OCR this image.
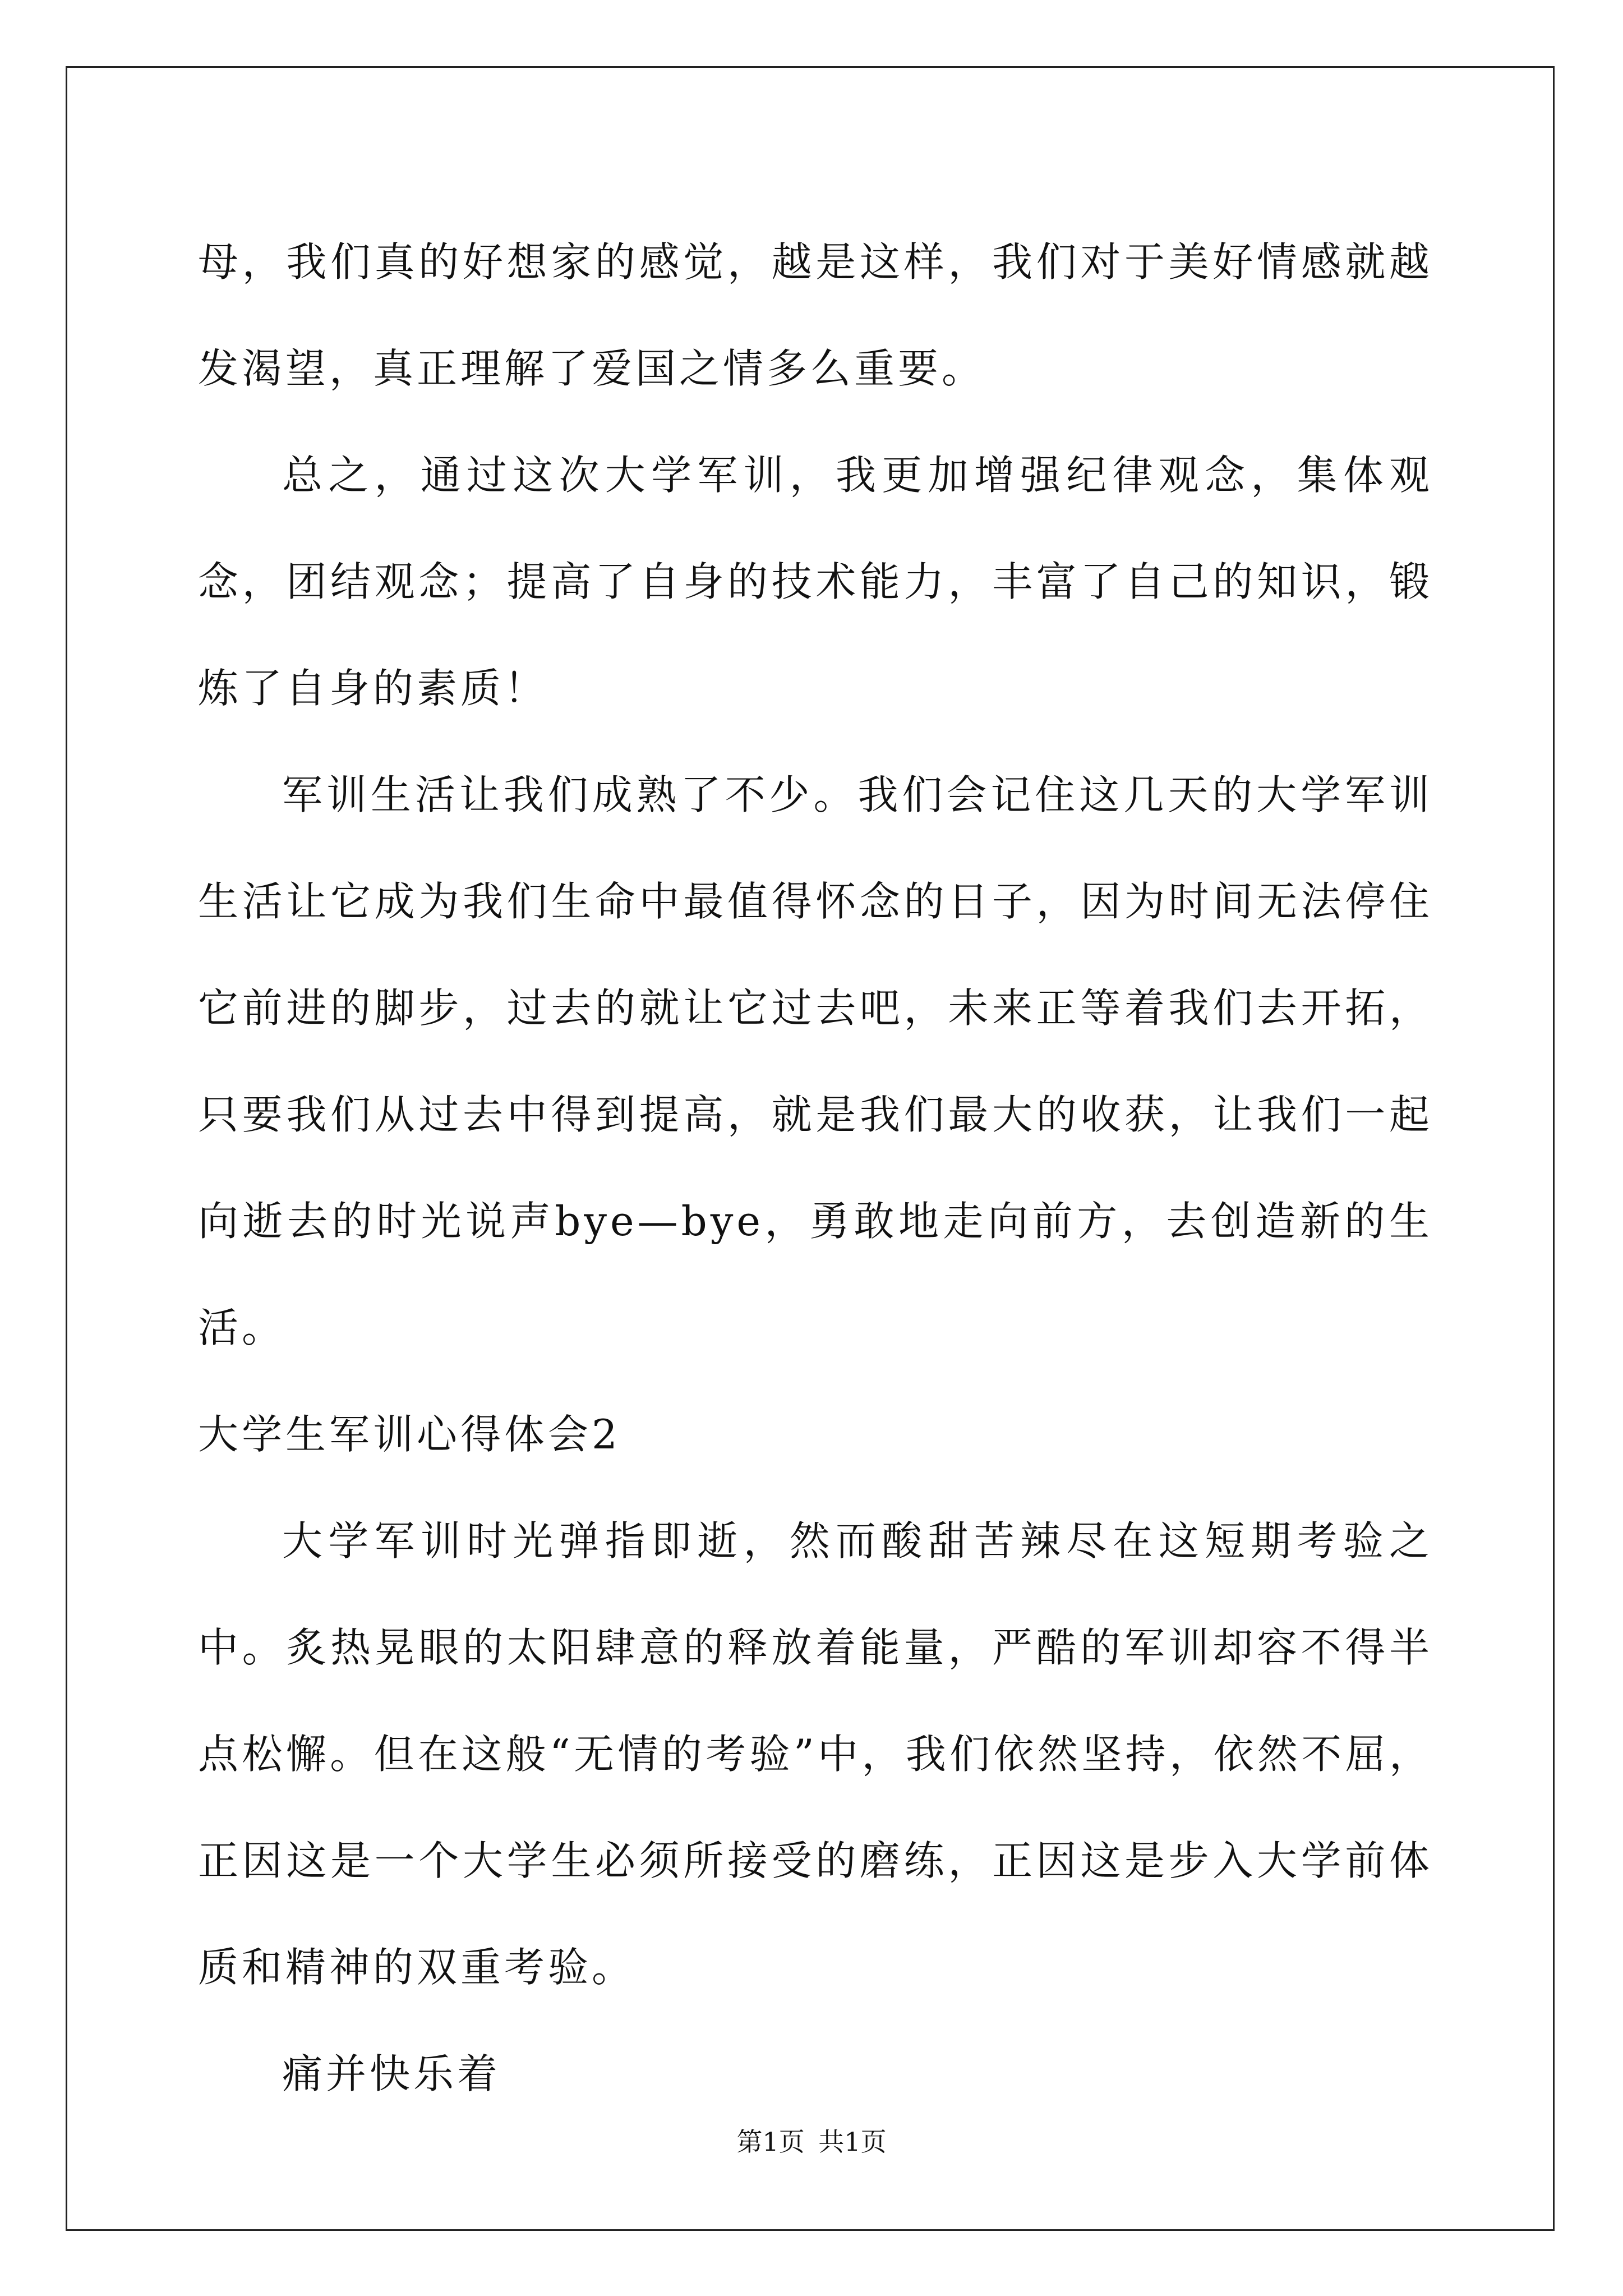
母，我们真的好想家的感觉，越是这样，我们对于美好情感就越发渴望，真正理解了爱国之情多么重要。

总之，通过这次大学军训，我更加增强纪律观念，集体观念，团结观念；提高了自身的技术能力，丰富了自己的知识，锻炼了自身的素质！

军训生活让我们成熟了不少。我们会记住这几天的大学军训生活让它成为我们生命中最值得怀念的日子，因为时间无法停住它前进的脚步，过去的就让它过去吧，未来正等着我们去开拓，只要我们从过去中得到提高，就是我们最大的收获，让我们一起向逝去的时光说声bye—bye，勇敢地走向前方，去创造新的生活。

大学生军训心得体会2

大学军训时光弹指即逝，然而酸甜苦辣尽在这短期考验之中。炙热晃眼的太阳肆意的释放着能量，严酷的军训却容不得半点松懈。但在这般“无情的考验”中，我们依然坚持，依然不屈，正因这是一个大学生必须所接受的磨练，正因这是步入大学前体质和精神的双重考验。

痛并快乐着

第1页 共1页
